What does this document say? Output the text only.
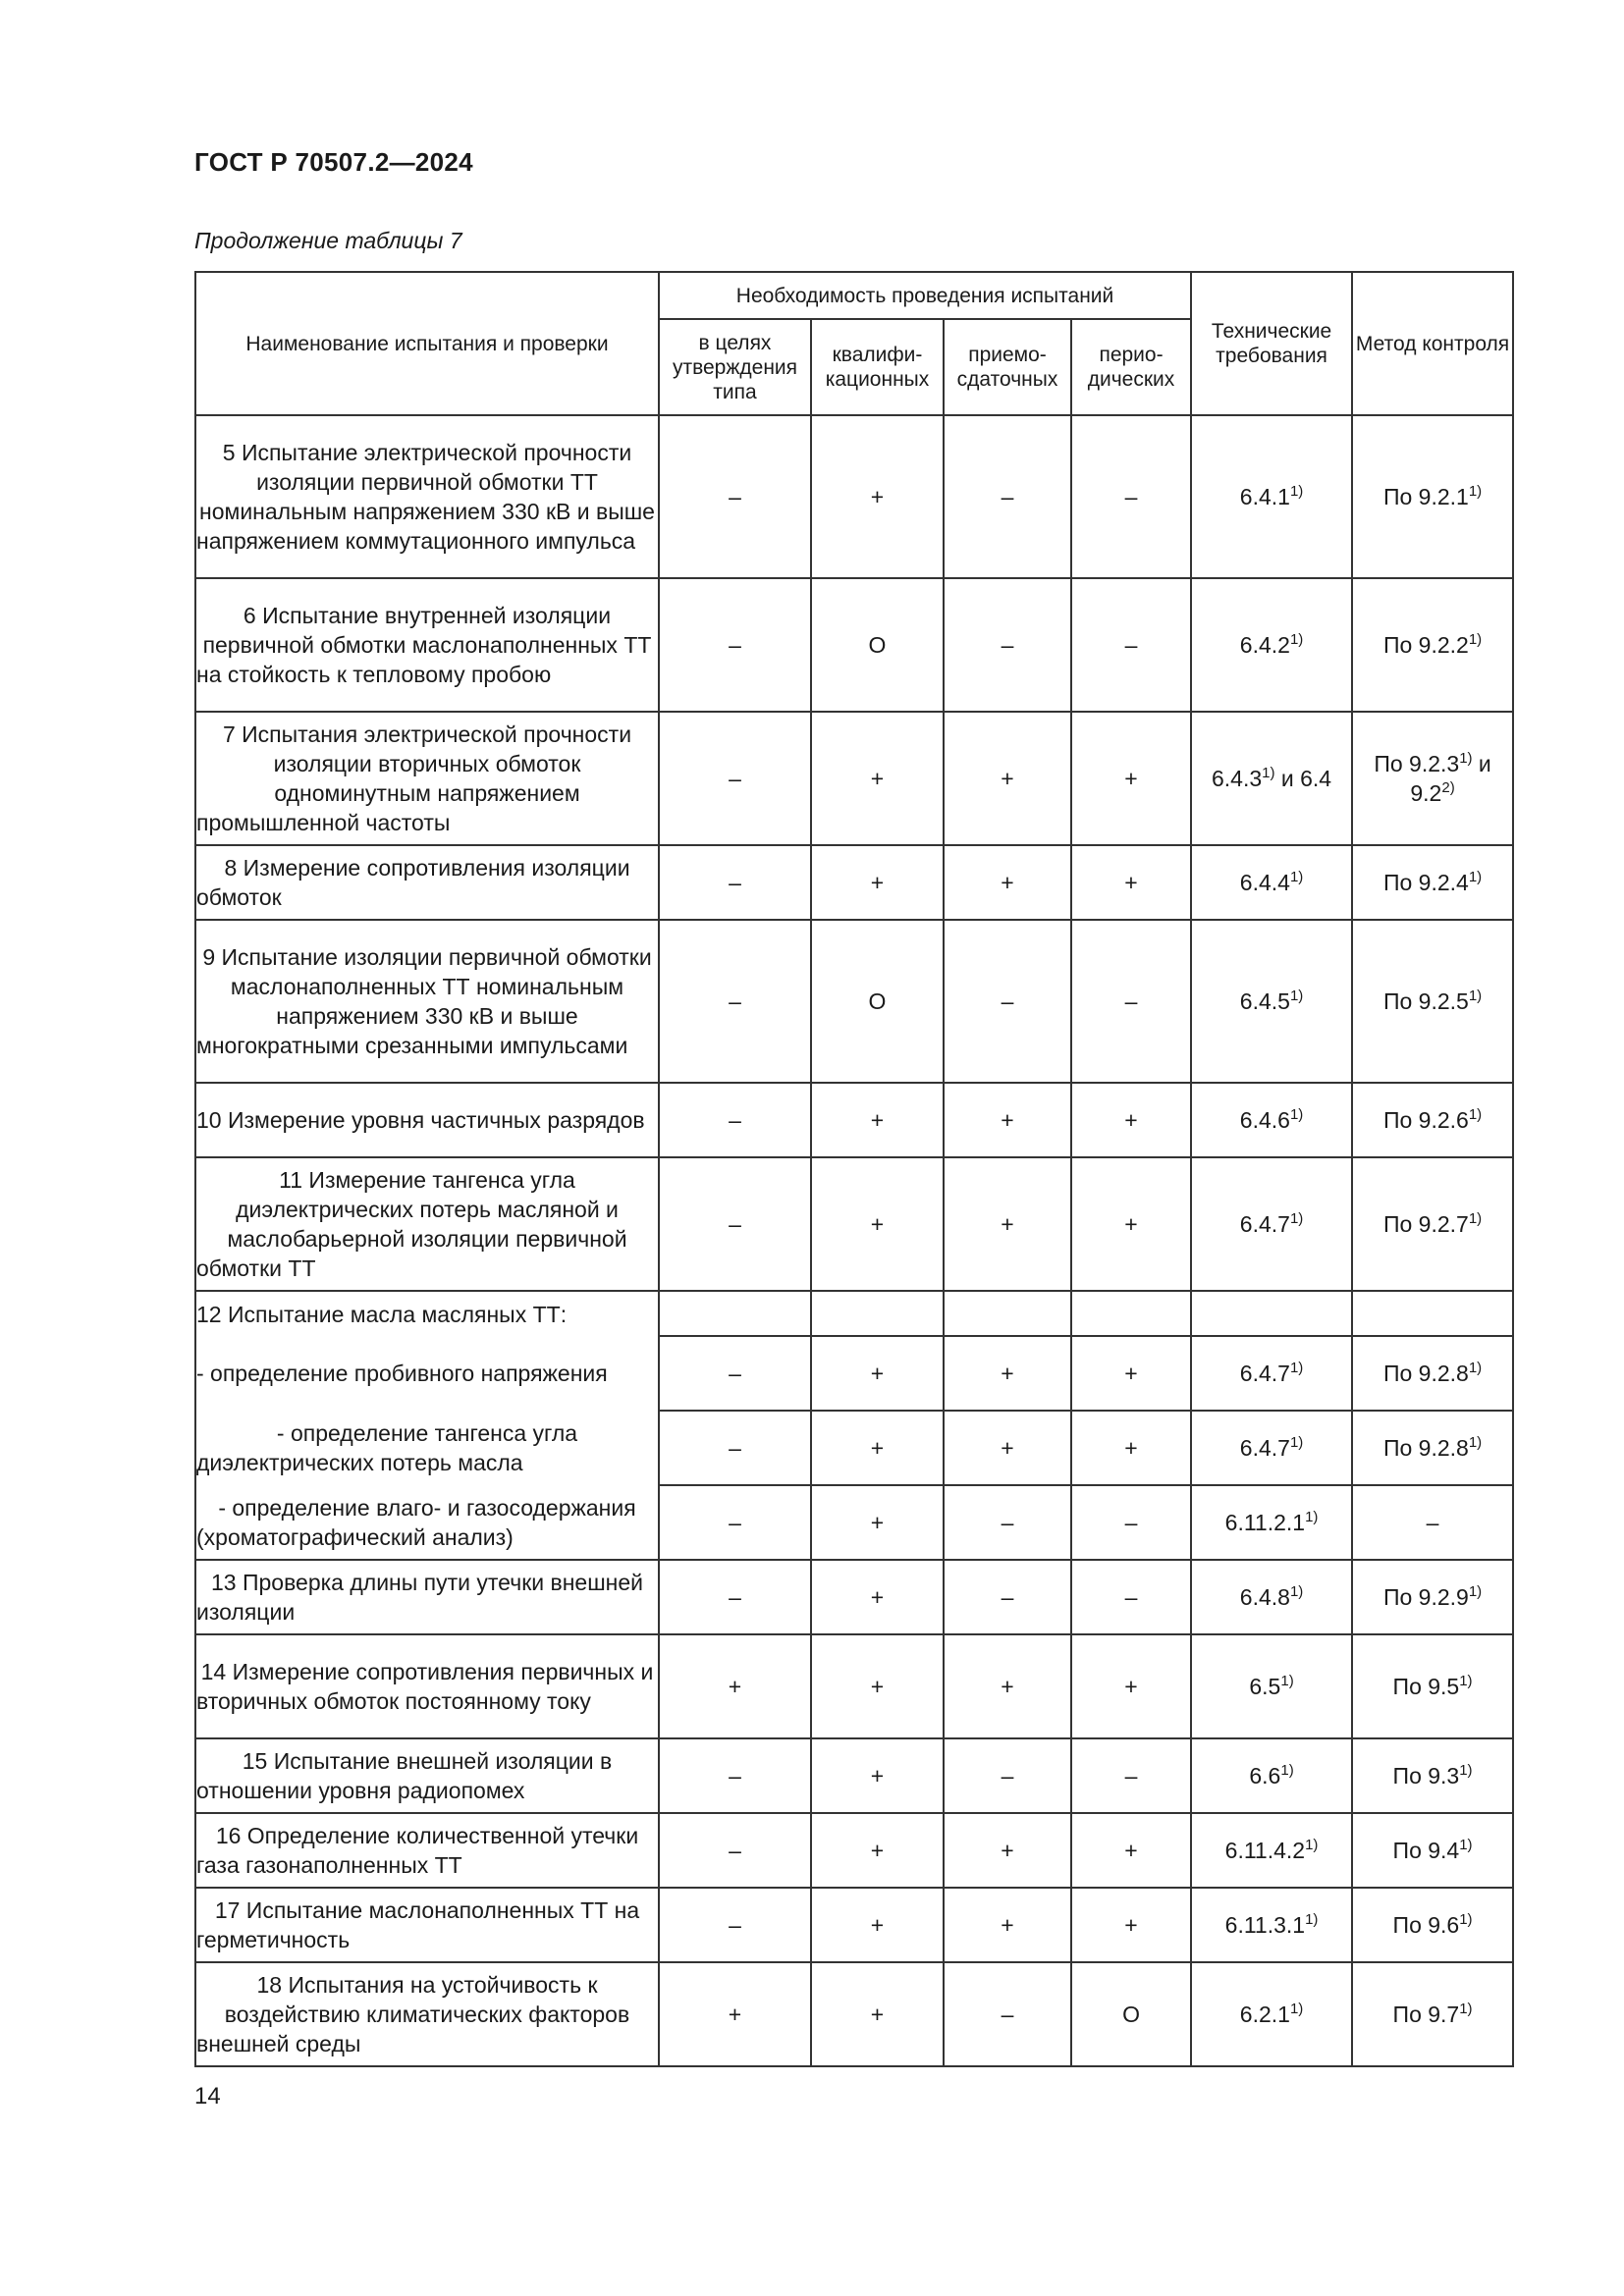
ГОСТ Р 70507.2—2024
Продолжение таблицы 7
Наименование испытания и проверки	Необходимость проведения испытаний				Технические требования	Метод контроля
	в целях утверждения типа	квалифи-кационных	приемо-сдаточных	перио-дических		
5 Испытание электрической прочности изоляции первичной обмотки ТТ номинальным напряжением 330 кВ и выше напряжением коммутационного импульса	–	+	–	–	6.4.1$^{1)}$	По 9.2.1$^{1)}$
6 Испытание внутренней изоляции первичной обмотки маслонаполненных ТТ на стойкость к тепловому пробою	–	О	–	–	6.4.2$^{1)}$	По 9.2.2$^{1)}$
7 Испытания электрической прочности изоляции вторичных обмоток одноминутным напряжением промышленной частоты	–	+	+	+	$6.4.3^{1)}$ и 6.4	По 9.2.3$^{1)}$ и 9.2$^{2)}$
8 Измерение сопротивления изоляции обмоток	–	+	+	+	$6.4.4^{1)}$	По 9.2.4$^{1)}$
9 Испытание изоляции первичной обмотки маслонаполненных ТТ номинальным напряжением 330 кВ и выше многократными срезанными импульсами	–	О	–	–	6.4.5$^{1)}$	По 9.2.5$^{1)}$
10 Измерение уровня частичных разрядов	–	+	+	+	$6.4.6^{1)}$	По 9.2.6$^{1)}$
11 Измерение тангенса угла диэлектрических потерь масляной и маслобарьерной изоляции первичной обмотки ТТ	–	+	+	+	$6.4.7^{1)}$	По 9.2.7$^{1)}$
12 Испытание масла масляных ТТ:						
- определение пробивного напряжения	–	+	+	+	$6.4.7^{1)}$	По 9.2.8$^{1)}$
- определение тангенса угла диэлектрических потерь масла	–	+	+	+	$6.4.7^{1)}$	По 9.2.8$^{1)}$
- определение влаго- и газосодержания (хроматографический анализ)	–	+	–	–	6.11.2.1$^{1)}$	–
13 Проверка длины пути утечки внешней изоляции	–	+	–	–	6.4.8$^{1)}$	По 9.2.9$^{1)}$
14 Измерение сопротивления первичных и вторичных обмоток постоянному току	+	+	+	+	$6.5^{1)}$	По 9.5$^{1)}$
15 Испытание внешней изоляции в отношении уровня радиопомех	–	+	–	–	6.6$^{1)}$	По 9.3$^{1)}$
16 Определение количественной утечки газа газонаполненных ТТ	–	+	+	+	$6.11.4.2^{1)}$	По 9.4$^{1)}$
17 Испытание маслонаполненных ТТ на герметичность	–	+	+	+	$6.11.3.1^{1)}$	По 9.6$^{1)}$
18 Испытания на устойчивость к воздействию климатических факторов внешней среды	+	+	–	О	6.2.1$^{1)}$	По 9.7$^{1)}$
14
